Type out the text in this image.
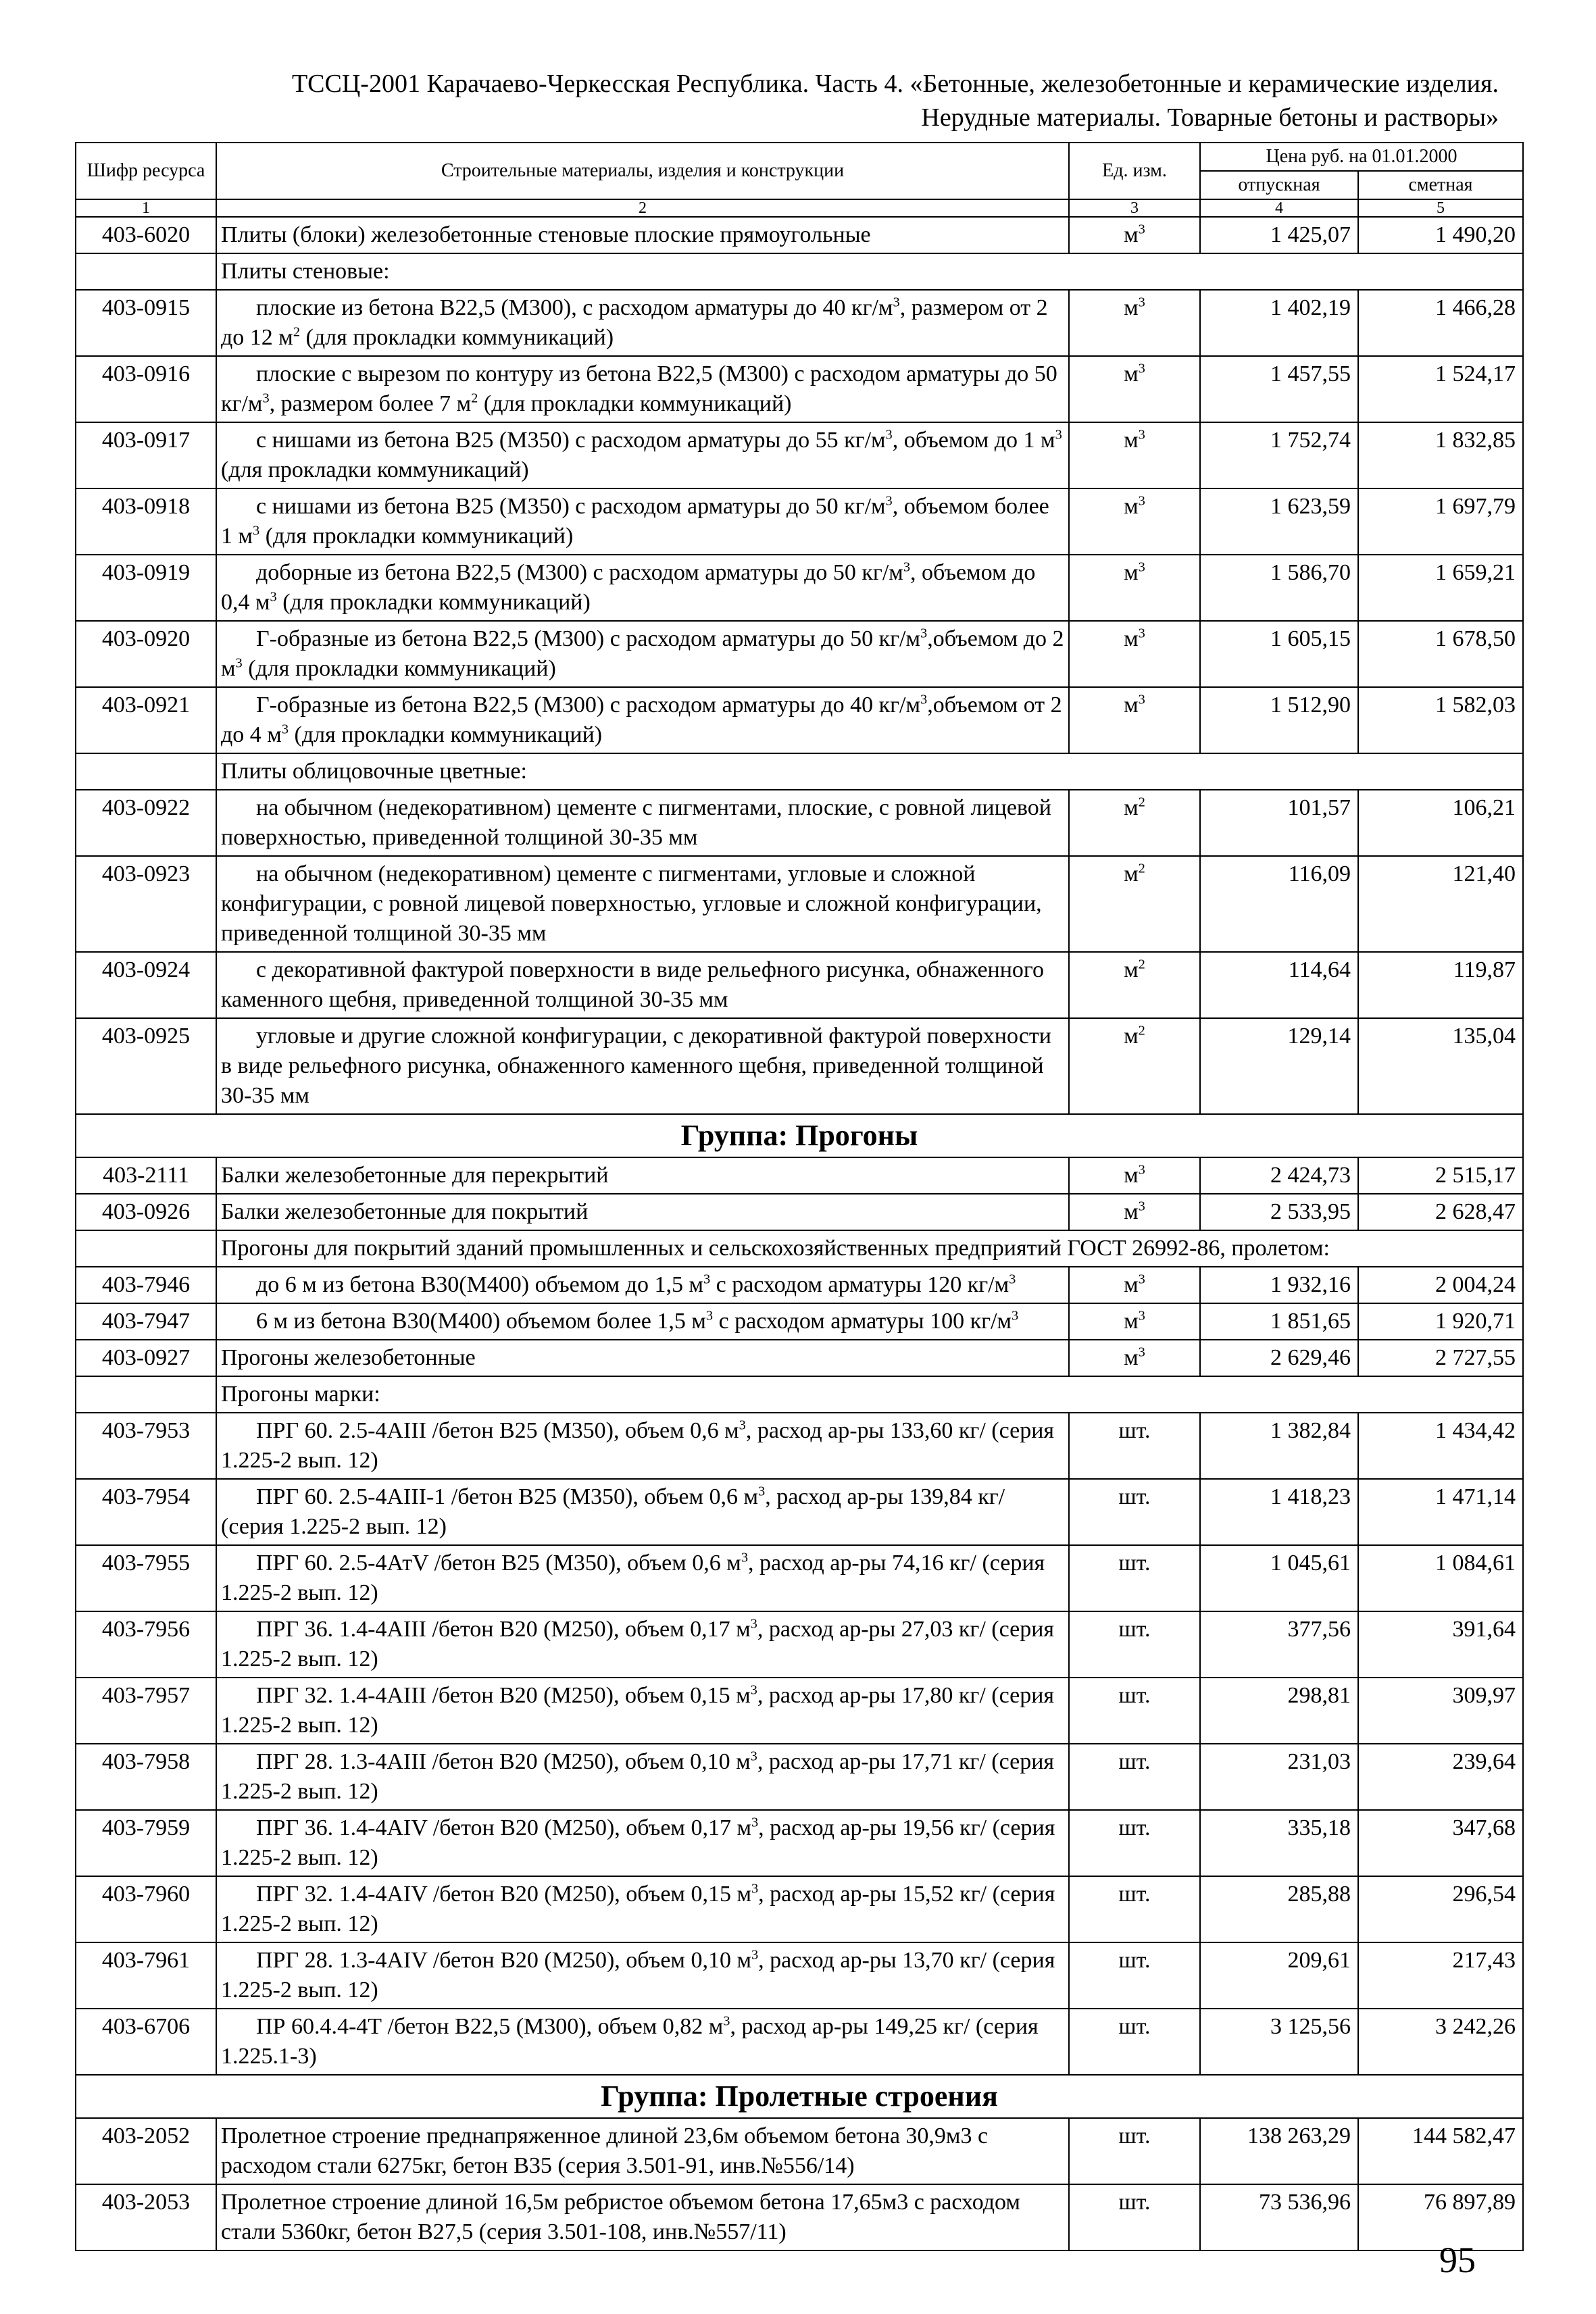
ТССЦ-2001 Карачаево-Черкесская Республика. Часть 4. «Бетонные, железобетонные и керамические изделия.
Нерудные материалы. Товарные бетоны и растворы»
Шифр ресурса	Строительные материалы, изделия и конструкции	Ед. изм.	Цена руб. на 01.01.2000	
			отпускная	сметная
1	2	3	4	5
403-6020	Плиты (блоки) железобетонные стеновые плоские прямоугольные	$м^3$	1 425,07	1 490,20
	Плиты стеновые:			
403-0915	плоские из бетона В22,5 (М300), с расходом арматуры до 40 $кг/м^3$, размером от 2 до 12 $м^2$ (для прокладки коммуникаций)	$м^3$	1 402,19	1 466,28
403-0916	плоские с вырезом по контуру из бетона В22,5 (М300) с расходом арматуры до 50 $кг/м^3$, размером более 7 $м^2$ (для прокладки коммуникаций)	$м^3$	1 457,55	1 524,17
403-0917	с нишами из бетона В25 (М350) с расходом арматуры до 55 $кг/м^3$, объемом до 1 $м^3$ (для прокладки коммуникаций)	$м^3$	1 752,74	1 832,85
403-0918	с нишами из бетона В25 (М350) с расходом арматуры до 50 $кг/м^3$, объемом более 1 $м^3$ (для прокладки коммуникаций)	$м^3$	1 623,59	1 697,79
403-0919	доборные из бетона В22,5 (М300) с расходом арматуры до 50 $кг/м^3$, объемом до 0,4 $м^3$ (для прокладки коммуникаций)	$м^3$	1 586,70	1 659,21
403-0920	Г-образные из бетона В22,5 (М300) с расходом арматуры до 50 $кг/м^3,объемом$ до 2 $м^3$ (для прокладки коммуникаций)	$м^3$	1 605,15	1 678,50
403-0921	Г-образные из бетона В22,5 (М300) с расходом арматуры до 40 $кг/м^3,объемом$ от 2 до 4 $м^3$ (для прокладки коммуникаций)	$м^3$	1 512,90	1 582,03
	Плиты облицовочные цветные:			
403-0922	на обычном (недекоративном) цементе с пигментами, плоские, с ровной лицевой поверхностью, приведенной толщиной 30-35 мм	$м^2$	101,57	106,21
403-0923	на обычном (недекоративном) цементе с пигментами, угловые и сложной конфигурации, с ровной лицевой поверхностью, угловые и сложной конфигурации, приведенной толщиной 30-35 мм	$м^2$	116,09	121,40
403-0924	с декоративной фактурой поверхности в виде рельефного рисунка, обнаженного каменного щебня, приведенной толщиной 30-35 мм	$м^2$	114,64	119,87
403-0925	угловые и другие сложной конфигурации, с декоративной фактурой поверхности в виде рельефного рисунка, обнаженного каменного щебня, приведенной толщиной 30-35 мм	$м^2$	129,14	135,04
Группа: Прогоны				
403-2111	Балки железобетонные для перекрытий	$м^3$	2 424,73	2 515,17
403-0926	Балки железобетонные для покрытий	$м^3$	2 533,95	2 628,47
	Прогоны для покрытий зданий промышленных и сельскохозяйственных предприятий ГОСТ 26992-86, пролетом:			
403-7946	до 6 м из бетона В30(М400) объемом до 1,5 $м^3$ с расходом арматуры 120 $кг/м^3$	$м^3$	1 932,16	2 004,24
403-7947	6 м из бетона В30(М400) объемом более 1,5 $м^3$ с расходом арматуры 100 $кг/м^3$	$м^3$	1 851,65	1 920,71
403-0927	Прогоны железобетонные	$м^3$	2 629,46	2 727,55
	Прогоны марки:			
403-7953	ПРГ 60. 2.5-4АIII /бетон В25 (М350), объем 0,6 $м^3$, расход ар-ры 133,60 кг/ (серия 1.225-2 вып. 12)	шт.	1 382,84	1 434,42
403-7954	ПРГ 60. 2.5-4АIII-1 /бетон В25 (М350), объем 0,6 $м^3$, расход ар-ры 139,84 кг/ (серия 1.225-2 вып. 12)	шт.	1 418,23	1 471,14
403-7955	ПРГ 60. 2.5-4АтV /бетон В25 (М350), объем 0,6 $м^3$, расход ар-ры 74,16 кг/ (серия 1.225-2 вып. 12)	шт.	1 045,61	1 084,61
403-7956	ПРГ 36. 1.4-4АIII /бетон В20 (М250), объем 0,17 $м^3$, расход ар-ры 27,03 кг/ (серия 1.225-2 вып. 12)	шт.	377,56	391,64
403-7957	ПРГ 32. 1.4-4АIII /бетон В20 (М250), объем 0,15 $м^3$, расход ар-ры 17,80 кг/ (серия 1.225-2 вып. 12)	шт.	298,81	309,97
403-7958	ПРГ 28. 1.3-4АIII /бетон В20 (М250), объем 0,10 $м^3$, расход ар-ры 17,71 кг/ (серия 1.225-2 вып. 12)	шт.	231,03	239,64
403-7959	ПРГ 36. 1.4-4АIV /бетон В20 (М250), объем 0,17 $м^3$, расход ар-ры 19,56 кг/ (серия 1.225-2 вып. 12)	шт.	335,18	347,68
403-7960	ПРГ 32. 1.4-4АIV /бетон В20 (М250), объем 0,15 $м^3$, расход ар-ры 15,52 кг/ (серия 1.225-2 вып. 12)	шт.	285,88	296,54
403-7961	ПРГ 28. 1.3-4АIV /бетон В20 (М250), объем 0,10 $м^3$, расход ар-ры 13,70 кг/ (серия 1.225-2 вып. 12)	шт.	209,61	217,43
403-6706	ПР 60.4.4-4Т /бетон В22,5 (М300), объем 0,82 $м^3$, расход ар-ры 149,25 кг/ (серия 1.225.1-3)	шт.	3 125,56	3 242,26
Группа: Пролетные строения				
403-2052	Пролетное строение преднапряженное длиной 23,6м объемом бетона 30,9м3 с расходом стали 6275кг, бетон В35 (серия 3.501-91, инв.№556/14)	шт.	138 263,29	144 582,47
403-2053	Пролетное строение длиной 16,5м ребристое объемом бетона 17,65м3 с расходом стали 5360кг, бетон В27,5 (серия 3.501-108, инв.№557/11)	шт.	73 536,96	76 897,89
95
